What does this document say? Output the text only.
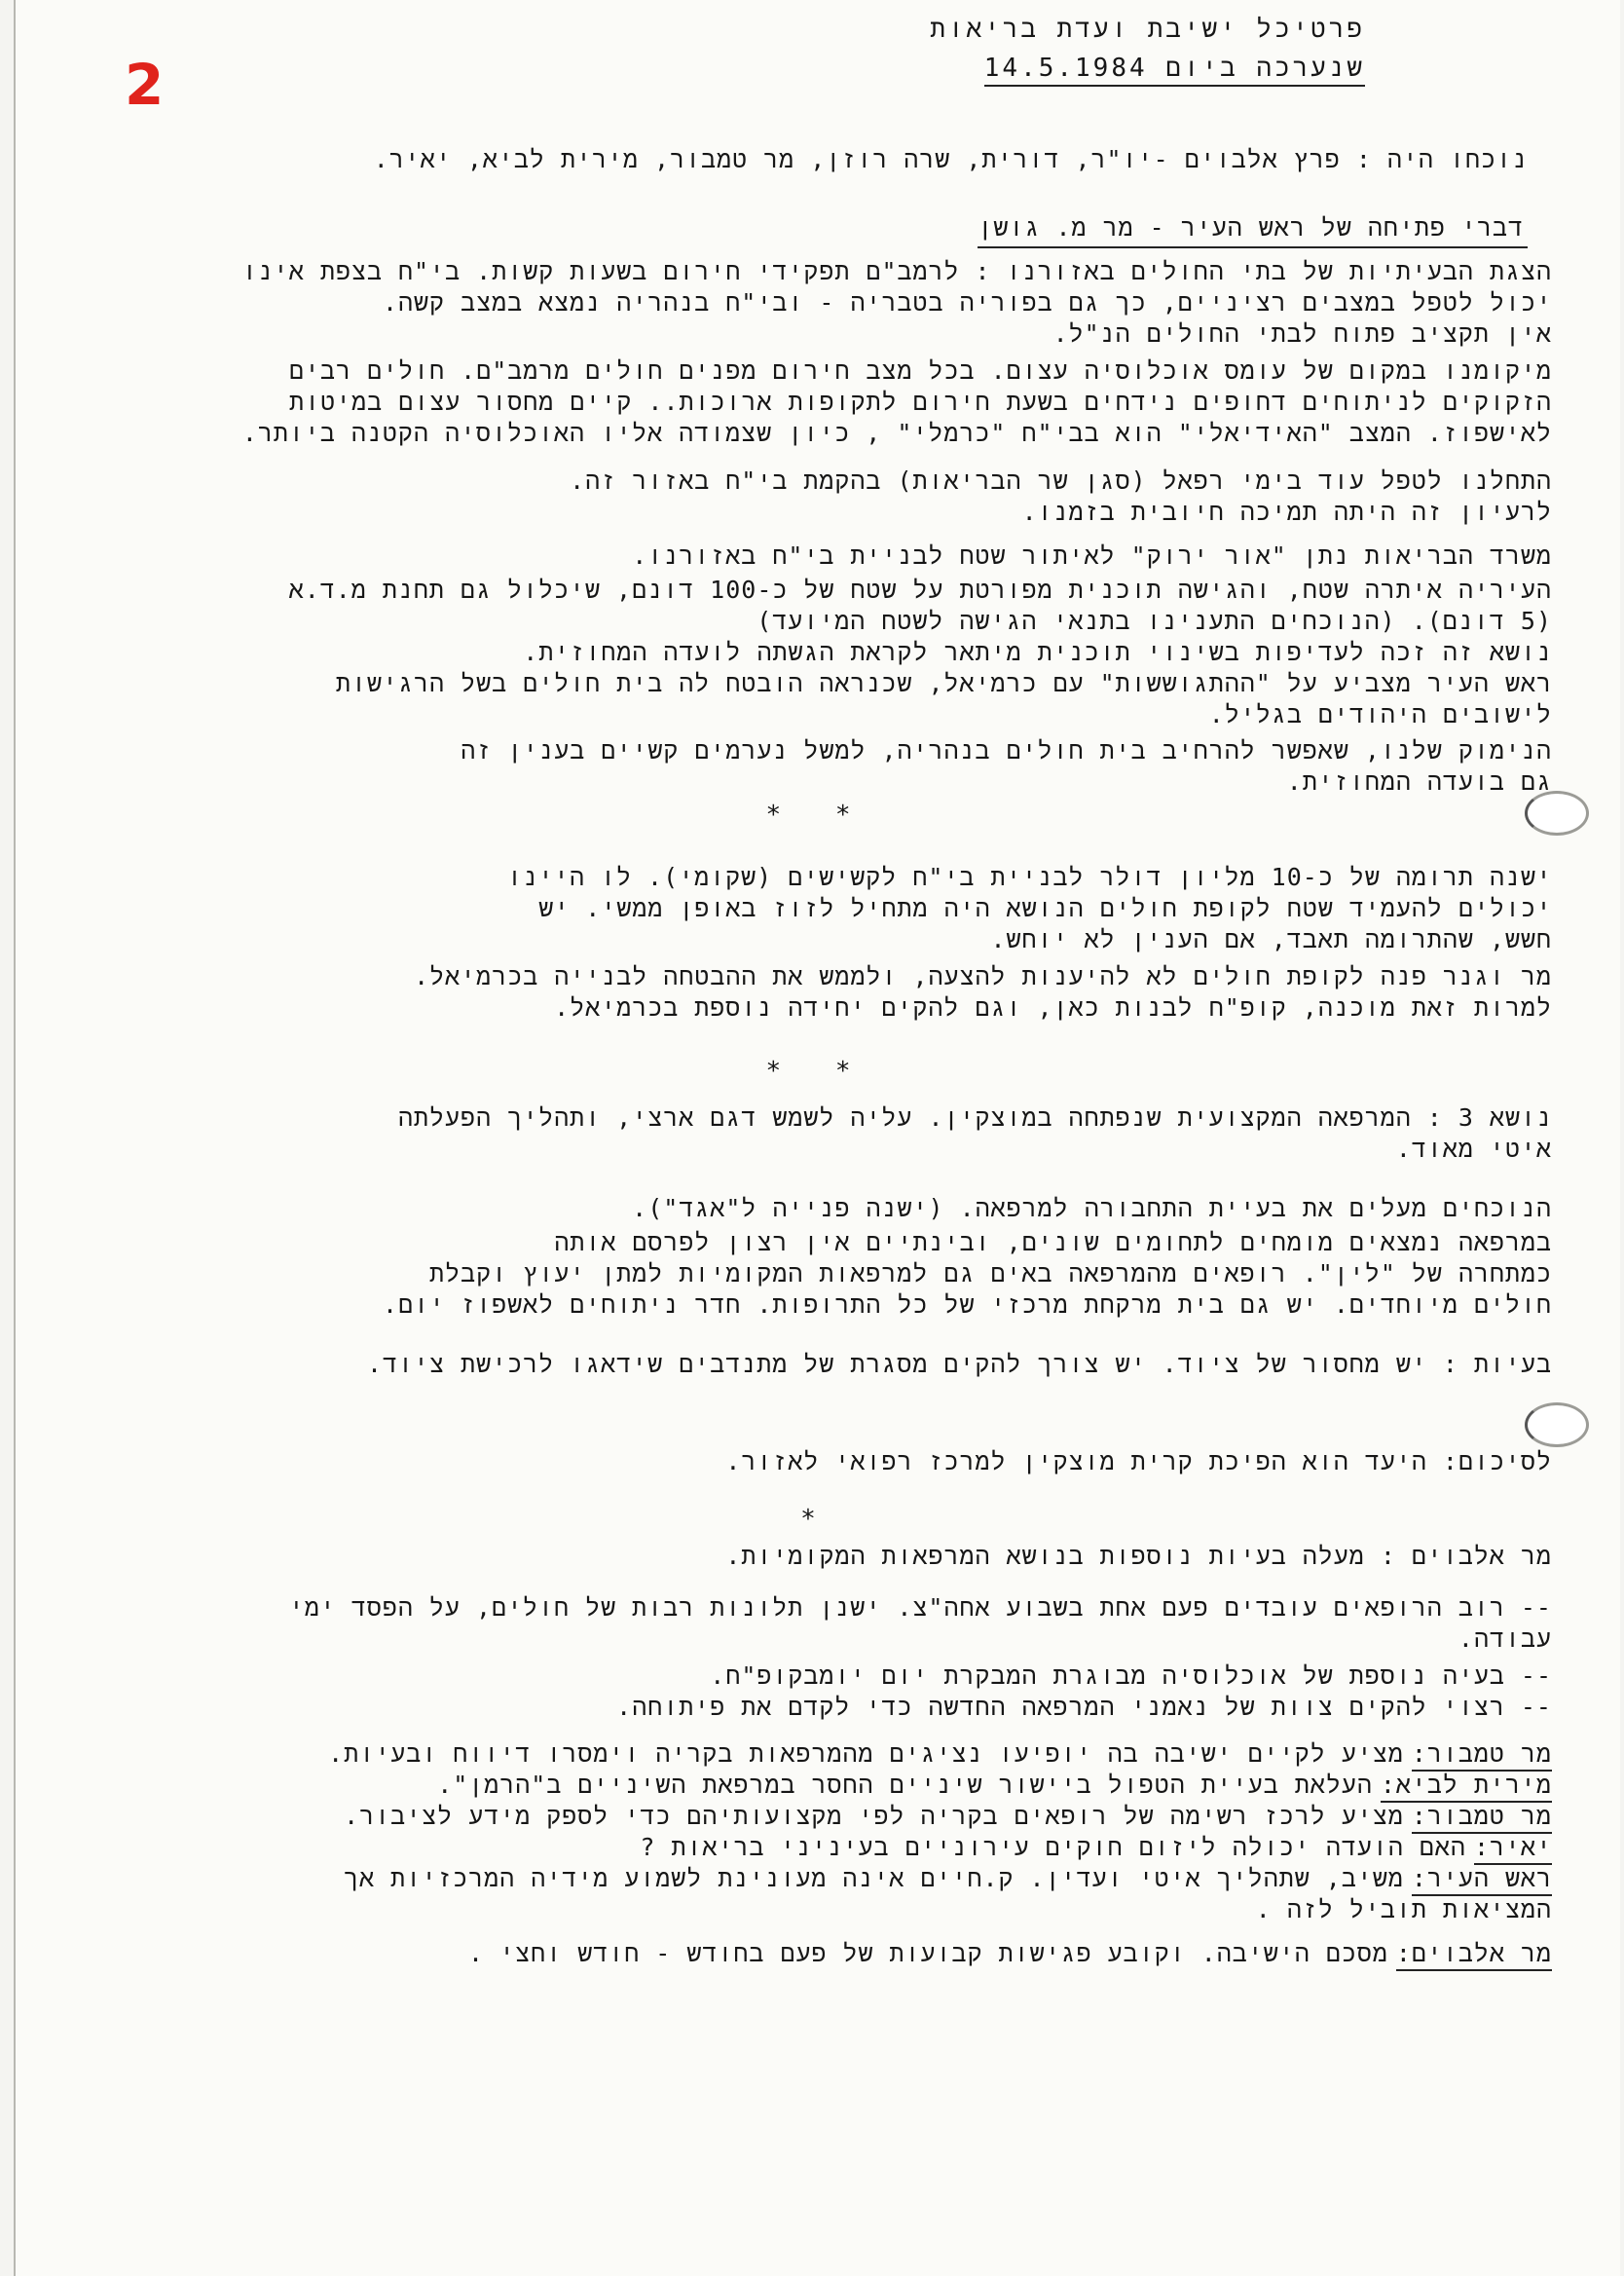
2
פרטיכל ישיבת ועדת בריאות
שנערכה ביום 14.5.1984
נוכחו היה : פרץ אלבוים -יו"ר, דורית, שרה רוזן, מר טמבור, מירית לביא, יאיר.
דברי פתיחה של ראש העיר - מר מ. גושן
הצגת הבעיתיות של בתי החולים באזורנו : לרמב"ם תפקידי חירום בשעות קשות. בי"ח בצפת אינו
יכול לטפל במצבים רציניים, כך גם בפוריה בטבריה - ובי"ח בנהריה נמצא במצב קשה.
אין תקציב פתוח לבתי החולים הנ"ל.
מיקומנו במקום של עומס אוכלוסיה עצום. בכל מצב חירום מפנים חולים מרמב"ם. חולים רבים
הזקוקים לניתוחים דחופים נידחים בשעת חירום לתקופות ארוכות.. קיים מחסור עצום במיטות
לאישפוז. המצב "האידיאלי" הוא בבי"ח "כרמלי" , כיון שצמודה אליו האוכלוסיה הקטנה ביותר.
התחלנו לטפל עוד בימי רפאל (סגן שר הבריאות) בהקמת בי"ח באזור זה.
לרעיון זה היתה תמיכה חיובית בזמנו.
משרד הבריאות נתן "אור ירוק" לאיתור שטח לבניית בי"ח באזורנו.
העיריה איתרה שטח, והגישה תוכנית מפורטת על שטח של כ-100 דונם, שיכלול גם תחנת מ.ד.א
(5 דונם). (הנוכחים התענינו בתנאי הגישה לשטח המיועד)
נושא זה זכה לעדיפות בשינוי תוכנית מיתאר לקראת הגשתה לועדה המחוזית.
ראש העיר מצביע על "ההתגוששות" עם כרמיאל, שכנראה הובטח לה בית חולים בשל הרגישות
לישובים היהודים בגליל.
הנימוק שלנו, שאפשר להרחיב בית חולים בנהריה, למשל נערמים קשיים בענין זה
גם בועדה המחוזית.
* *
ישנה תרומה של כ-10 מליון דולר לבניית בי"ח לקשישים (שקומי). לו היינו
יכולים להעמיד שטח לקופת חולים הנושא היה מתחיל לזוז באופן ממשי. יש
חשש, שהתרומה תאבד, אם הענין לא יוחש.
מר וגנר פנה לקופת חולים לא להיענות להצעה, ולממש את ההבטחה לבנייה בכרמיאל.
למרות זאת מוכנה, קופ"ח לבנות כאן, וגם להקים יחידה נוספת בכרמיאל.
* *
נושא 3 : המרפאה המקצועית שנפתחה במוצקין. עליה לשמש דגם ארצי, ותהליך הפעלתה
איטי מאוד.
הנוכחים מעלים את בעיית התחבורה למרפאה. (ישנה פנייה ל"אגד").
במרפאה נמצאים מומחים לתחומים שונים, ובינתיים אין רצון לפרסם אותה
כמתחרה של "לין". רופאים מהמרפאה באים גם למרפאות המקומיות למתן יעוץ וקבלת
חולים מיוחדים. יש גם בית מרקחת מרכזי של כל התרופות. חדר ניתוחים לאשפוז יום.
בעיות : יש מחסור של ציוד. יש צורך להקים מסגרת של מתנדבים שידאגו לרכישת ציוד.
לסיכום: היעד הוא הפיכת קרית מוצקין למרכז רפואי לאזור.
*
מר אלבוים : מעלה בעיות נוספות בנושא המרפאות המקומיות.
-- רוב הרופאים עובדים פעם אחת בשבוע אחה"צ. ישנן תלונות רבות של חולים, על הפסד ימי
עבודה.
-- בעיה נוספת של אוכלוסיה מבוגרת המבקרת יום יומבקופ"ח.
-- רצוי להקים צוות של נאמני המרפאה החדשה כדי לקדם את פיתוחה.
מר טמבור:מציע לקיים ישיבה בה יופיעו נציגים מהמרפאות בקריה וימסרו דיווח ובעיות.
מירית לביא:העלאת בעיית הטפול ביישור שיניים החסר במרפאת השיניים ב"הרמן".
מר טמבור:מציע לרכז רשימה של רופאים בקריה לפי מקצועותיהם כדי לספק מידע לציבור.
יאיר:האם הועדה יכולה ליזום חוקים עירוניים בעיניני בריאות ?
ראש העיר:משיב, שתהליך איטי ועדין. ק.חיים אינה מעונינת לשמוע מידיה המרכזיות אך
המציאות תוביל לזה .
מר אלבוים:מסכם הישיבה. וקובע פגישות קבועות של פעם בחודש - חודש וחצי .
